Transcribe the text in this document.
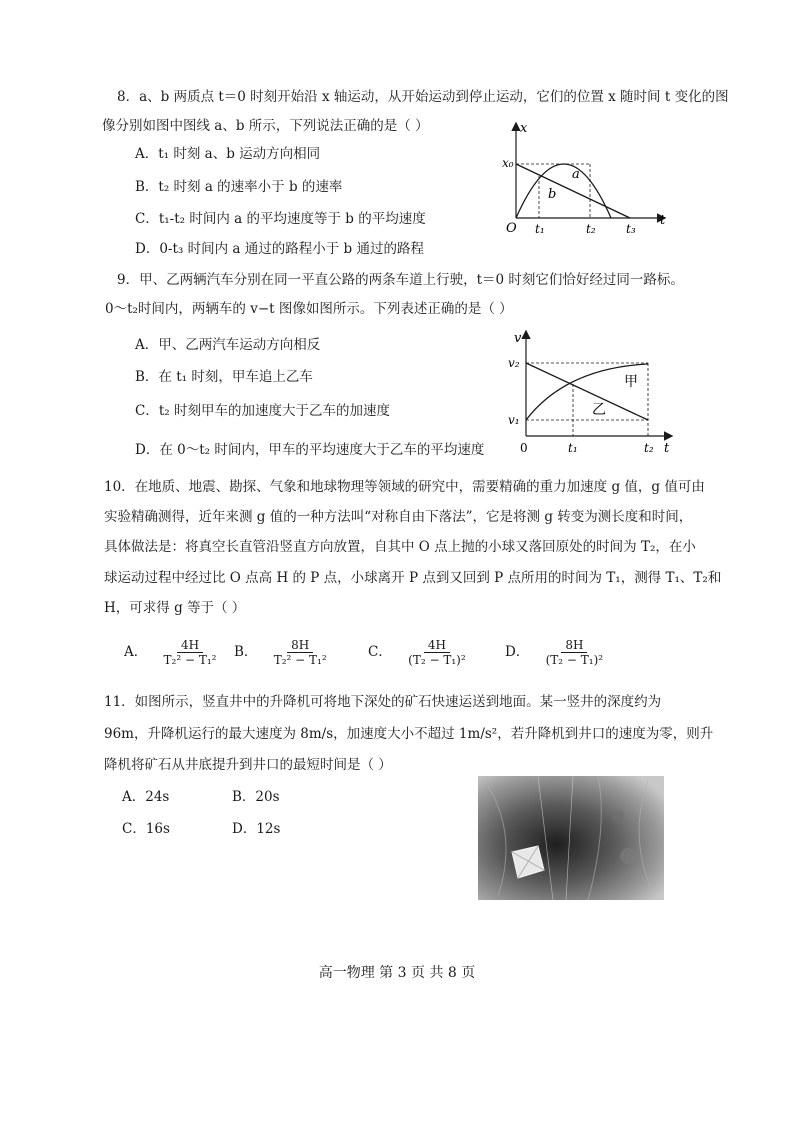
8．a、b 两质点 t＝0 时刻开始沿 x 轴运动，从开始运动到停止运动，它们的位置 x 随时间 t 变化的图
像分别如图中图线 a、b 所示，下列说法正确的是（ ）
A．t₁ 时刻 a、b 运动方向相同
B．t₂ 时刻 a 的速率小于 b 的速率
C．t₁-t₂ 时间内 a 的平均速度等于 b 的平均速度
D．0-t₃ 时间内 a 通过的路程小于 b 通过的路程
x
t
O
x₀
t₁	t₂	t₃
a
b
9．甲、乙两辆汽车分别在同一平直公路的两条车道上行驶，t＝0 时刻它们恰好经过同一路标。
0～t₂时间内，两辆车的 v−t 图像如图所示。下列表述正确的是（ ）
A．甲、乙两汽车运动方向相反
B．在 t₁ 时刻，甲车追上乙车
C．t₂ 时刻甲车的加速度大于乙车的加速度
D．在 0～t₂ 时间内，甲车的平均速度大于乙车的平均速度
v
t
0
v₂
v₁
t₁	t₂
甲
乙
10．在地质、地震、勘探、气象和地球物理等领域的研究中，需要精确的重力加速度 g 值，g 值可由
实验精确测得，近年来测 g 值的一种方法叫“对称自由下落法”，它是将测 g 转变为测长度和时间，
具体做法是：将真空长直管沿竖直方向放置，自其中 O 点上抛的小球又落回原处的时间为 T₂，在小
球运动过程中经过比 O 点高 H 的 P 点，小球离开 P 点到又回到 P 点所用的时间为 T₁，测得 T₁、T₂和
H，可求得 g 等于（ ）
A． $\frac{4H}{\text{T₂² − T₁²}}$ B． $\frac{8H}{\text{T₂² − T₁²}}$	C． $\frac{4H}{\text{(T₂ − T₁)²}}$	D． $\frac{8H}{\text{(T₂ − T₁)²}}$
11．如图所示，竖直井中的升降机可将地下深处的矿石快速运送到地面。某一竖井的深度约为
96m，升降机运行的最大速度为 8m/s，加速度大小不超过 1m/s²，若升降机到井口的速度为零，则升
降机将矿石从井底提升到井口的最短时间是（ ）
A．24s	B．20s
C．16s	D．12s
高一物理 第 3 页 共 8 页
